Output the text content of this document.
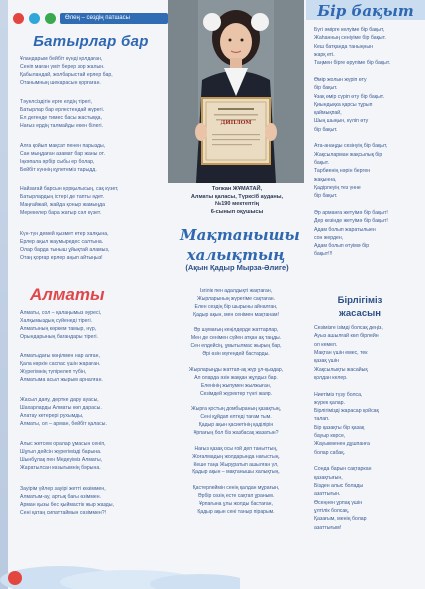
Өлең – сөздің патшасы
Батырлар бар
Ұландарым бейбіт күнді қолдаған,
Сеніп маған үміт берер зор жалын.
Қабыландай, жолбарыстай ерлер бар,
Отанымның шекарасын қорғаған.
Тәуелсіздігін ерге елдің тірегі,
Батырлар бар ерлестендай жүрегі.
Ел дегенде тимес басы жастыққа,
Нағыз ердің талмайды екен білегі.
Алға қойып мақсат пенен парызды,
Сан мыңдаған азамат бар жаны от.
Іңкәпала әрбір сыбы ер болар,
Бейбіт күннің кұпетеміз тарыдд.
Найзағай барсын қорқылысың, сақ күзет,
Батырлардың істері де тапты әдет.
Маңғайжай, жайда қоныр жамыңда
Мерекелер бара жатыр сәл күзет.
Күн-түн демей қызмет етер халқына,
Ерлер ақыл жаумыредес салтына.
Олар барда тыныш ұйықтай аламыз,
Отаң қорғар ерлер аңып айтыңыз!
Алматы
Алматы, сол – қалаңымыз әуресі,
Халқымыздың сүйенеді тірегі.
Алматының көркем тамыр, нүр,
Орындарының багандары тірегі.
Алматыдағы көңілмен нар алған,
Қала көркін саспас үшін жараған.
Жүрегімнің түпірелеп түбін,
Алматыма асыл жырым арналған.
Жасыл даяу, дертке дару ауасы,
Шахарларды Алматы көп дарасы.
Алатау кетерері рухымды,
Алматы, ол – арман, бейбіт қаласы.
Алыс жетсем оралар ұмасын сеніп,
Шұғыл дейсін жүрегімізді барына.
Шынбұлақ пен Медеуіміз Алматы,
Жаратылсан көзыгымнің бәрына.
Зауірім үйлер зауірі жетті көзіммен,
Алматым-ау, артық бағы өзіммен.
Арман қызы бес қыймастік жыр жазды,
Сені қатаң сипаттаймын сөзіммен?!
ДИПЛОМ
Тоғжан ЖҰМАТАЙ,
Алматы қаласы, Түрксіб ауданы,
№190 мектептің
6-сынып оқушысы
Мақтанышы халықтың
(Ақын Қадыр Мырза-Әлиге)
Ізгілік пен адалдықті жақтаған,
Жырларының жүрегіме сақтаған.
Елен сездің бір шырыны айналған,
Қадыр ақын, мен сенімен мақтанам!

Әр шумағың кеңілдерде жаттарлар,
Мен де сенімен сүйен атқан ақ таңды.
Сен елдейсің, ұмытылмас жырың бар,
Әрі өзін мүгендей бастарды.

Жырларыңды жаттап-ақ жүр ұл-қыздар,
Ал оларда әзін жаққан жұлдыз бар.
Еленінің жыпумен жылжыған,
Сезімдей жүректер түнгі жаяр.

Жырға қостың домбыраның қазақтың,
Сені құйдап елтеді тағам тым.
Қадыр ақын қасиетінің қаділірін
Ұрпағың бол біз жазбасақ жазатын?

Нағыз қазақ осы ғой деп таныттың,
Жоғалмадың жолдарында нағыстың.
Кеше таңа Жыруратып ашылған үл,
Қадыр ақын – мақтанышы халықтың.

Қастерлеймін сенің қалдан мұрағын,
Әрбір сөзің есте сақтап ұраным.
Ұрпағына ұлы жолды бастаған,
Қадыр ақын сені таныр пірарым.
Бір бақыт
Бүгі әмірге келуіме бір бақыт,
Жаһанның сеніуіме бір бақыт.
Кеш батқанда таныңнын
жарқ еті.
Таңмен бірге өрупіме бір бақыт.

Өмір жолын жүріп өту
бір бақыт.
Ұзақ өмір сүріп өту бір бақыт.
Қиындықка қарсы тұрып
қаймықпай,
Шың шыңын, күліп өту
бір бақыт.

Ата-анаңды сезінуің бір бақыт,
Жақсыларман жақсылық бір
бақыт.
Тарбиенің нәрін берген
жақынна,
Қадірлеуің тез үнне
бір бақыт.

Әр арманға жетуімә бір бақыт!
Дер кезінде жетуімә бір бақыт!
Адам болып жаратылыен
сон жерден,
Адам болып өтуімә бір
бақыт!!!
Бірлігіміз жасасын
Сезімізге ізімді болсақ деңіз,
Ауыз ашылғай көл бірлейн
ол кемел.
Мақтан үшін емес, тек
қазақ үшін
Жақсылықты жасайық
қолдан келер.

Ниетіміз түзу болса,
жүрек қалар.
Бірлігімізді жарасар қойсақ
талап.
Бір қазақты бір қазақ
бауыр көрсе,
Жауыкменен дұшпанға
болар сабақ.

Сонда барын сақтаркан
қазақтығын,
Бізден алыс болады
азаттығын.
Өсеңнен ұрпақ үшін
ұлтілік болсақ,
Қазағым, менің болар
азаттығым!
